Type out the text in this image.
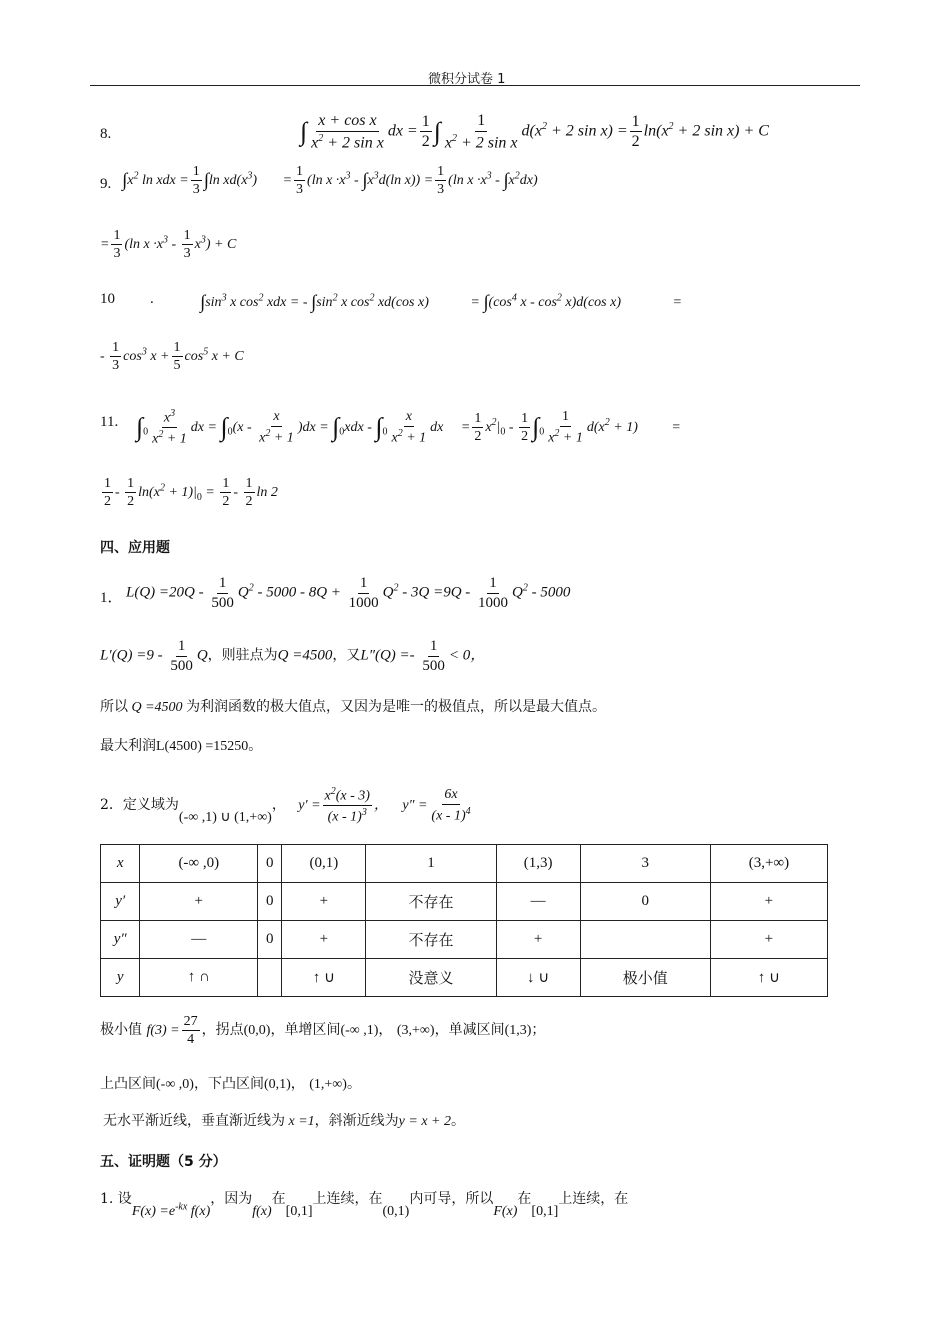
微积分试卷 1
8.	∫ $\frac{\text{x + cos x}}{x^2 + 2 \sin x}$ dx = $\frac{1}{2}$ ∫ $\frac{1}{x^2 + 2 \sin x} d(x^2 + 2$ $\sin x) = \frac{1}{2} \ln(x^2 + 2$ sin x) + C
9. $\int x^2$ ln xdx = $\frac{1}{3} \int\ln$ $xd(x^3) = \frac{1}{3} (\ln$ $x \cdot x^3 - \int x^3d(\ln$ $x)) = \frac{1}{3} (\ln$ $x \cdot x^3 - \int x^2dx$)
= $\frac{1}{3} (\ln$ $x \cdot x^3 - \frac{1}{3} x^3) + C$
10 . $\int\sin^3$ x $\cos^2$ xdx = - $\int\sin^2$ x $\cos^2 xd(\cos$ x)	= $\int(\cos^4$ x - $\cos^2 x)d(\cos$ x)	=
- $\frac{1}{3} \cos^3 x + \frac{1}{5} \cos^5 x + C$
11. $\int_0 \frac{x^3}{x^2 + 1}$ dx = $\int_0(x - \frac{x}{x^2 + 1} )dx = \int_0xdx - \int_0 \frac{x}{x^2 + 1}$ dx = $\frac{1}{2} x^2|_0 - \frac{1}{2} \int_0 \frac{1}{x^2 + 1} d(x^2 + 1)$ =
$\frac{1}{2} - \frac{1}{2} \ln(x^2 + 1)|_0 = \frac{1}{2} - \frac{1}{2}$ ln 2
四、应用题
1． $L(Q) =20Q - \frac{1}{500} Q^2 - 5000 - 8Q + \frac{1}{1000} Q^2 - 3Q =9Q - \frac{1}{1000} Q^2 - 5000$
$L'(Q) =9 - \frac{1}{500}$ Q，则驻点为Q =4500，又$L''(Q) =- \frac{1}{500} < 0$，
所以 Q =4500 为利润函数的极大值点，又因为是唯一的极值点，所以是最大值点。
最大利润L(4500) =15250。
2．定义域为(-∞ ,1) ∪ (1,+∞)， $y' = \frac{x^2(x - 3)}{(x - 1)^3}$ ， $y'' = \frac{6x}{(x - 1)^4}$
x	(-∞ ,0)	0	(0,1)	1	(1,3)	3	(3,+∞)
y′	+	0	+	不存在	—	0	+
y″	—	0	+	不存在	+		+
y	↑ ∩		↑ ∪	没意义	↓ ∪	极小值	↑ ∪
极小值 $f(3) = \frac{27}{4}$ ，拐点(0,0)，单增区间(-∞ ,1)， (3,+∞)，单减区间(1,3)；
上凸区间(-∞ ,0)，下凸区间(0,1)， (1,+∞)。
无水平渐近线，垂直渐近线为 x =1，斜渐近线为y = x + 2。
五、证明题（5 分）
1. 设$F(x) =e^{-kx}$ f(x)，因为f(x)在[0,1]上连续，在(0,1)内可导，所以F(x)在[0,1]上连续，在
